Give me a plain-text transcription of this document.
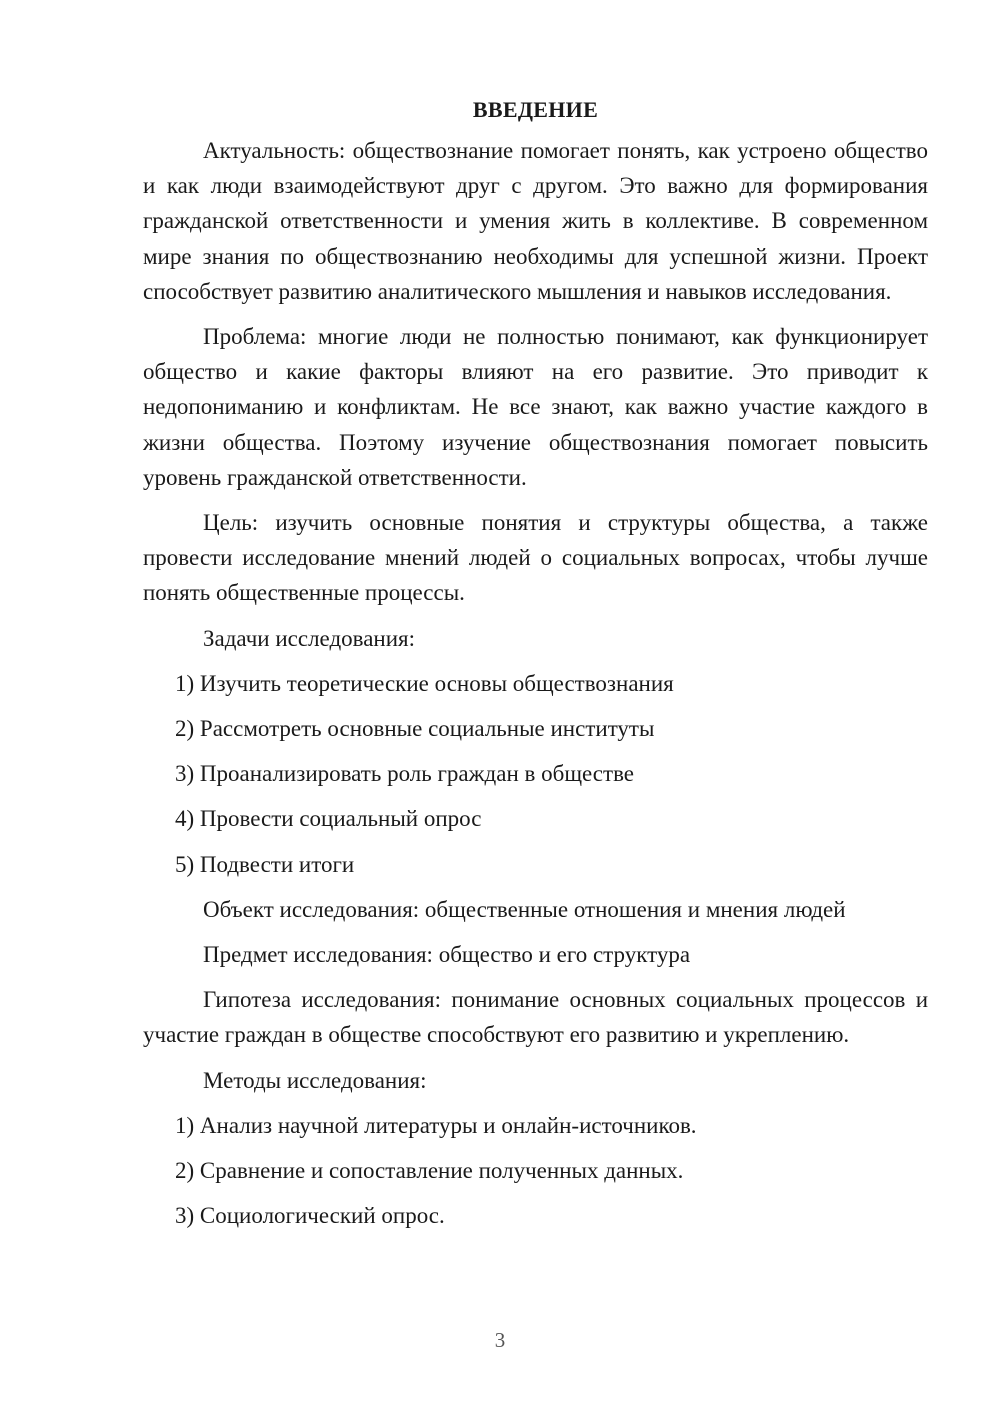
ВВЕДЕНИЕ

Актуальность: обществознание помогает понять, как устроено общество и как люди взаимодействуют друг с другом. Это важно для формирования гражданской ответственности и умения жить в коллективе. В современном мире знания по обществознанию необходимы для успешной жизни. Проект способствует развитию аналитического мышления и навыков исследования.

Проблема: многие люди не полностью понимают, как функционирует общество и какие факторы влияют на его развитие. Это приводит к недопониманию и конфликтам. Не все знают, как важно участие каждого в жизни общества. Поэтому изучение обществознания помогает повысить уровень гражданской ответственности.

Цель: изучить основные понятия и структуры общества, а также провести исследование мнений людей о социальных вопросах, чтобы лучше понять общественные процессы.

Задачи исследования:
1) Изучить теоретические основы обществознания
2) Рассмотреть основные социальные институты
3) Проанализировать роль граждан в обществе
4) Провести социальный опрос
5) Подвести итоги
Объект исследования: общественные отношения и мнения людей
Предмет исследования: общество и его структура

Гипотеза исследования: понимание основных социальных процессов и участие граждан в обществе способствуют его развитию и укреплению.

Методы исследования:
1) Анализ научной литературы и онлайн-источников.
2) Сравнение и сопоставление полученных данных.
3) Социологический опрос.
3
